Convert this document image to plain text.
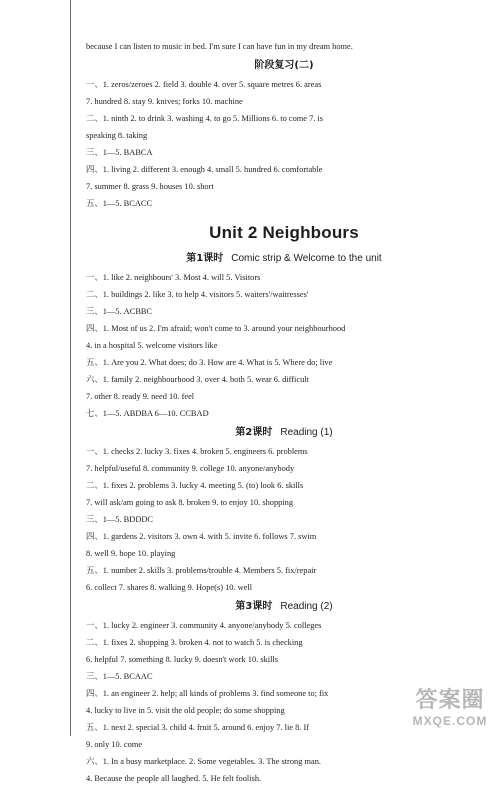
because I can listen to music in bed. I'm sure I can have fun in my dream home.
阶段复习(二)
一、1. zeros/zeroes 2. field 3. double 4. over 5. square metres 6. areas
7. hundred 8. stay 9. knives; forks 10. machine
二、1. ninth 2. to drink 3. washing 4. to go 5. Millions 6. to come 7. is
speaking 8. taking
三、1—5. BABCA
四、1. living 2. different 3. enough 4. small 5. hundred 6. comfortable
7. summer 8. grass 9. houses 10. short
五、1—5. BCACC
Unit 2 Neighbours
第1课时 Comic strip & Welcome to the unit
一、1. like 2. neighbours' 3. Most 4. will 5. Visitors
二、1. buildings 2. like 3. to help 4. visitors 5. waiters'/waitresses'
三、1—5. ACBBC
四、1. Most of us 2. I'm afraid; won't come to 3. around your neighbourhood
4. in a hospital 5. welcome visitors like
五、1. Are you 2. What does; do 3. How are 4. What is 5. Where do; live
六、1. family 2. neighbourhood 3. over 4. both 5. wear 6. difficult
7. other 8. ready 9. need 10. feel
七、1—5. ABDBA 6—10. CCBAD
第2课时 Reading (1)
一、1. checks 2. lucky 3. fixes 4. broken 5. engineers 6. problems
7. helpful/useful 8. community 9. college 10. anyone/anybody
二、1. fixes 2. problems 3. lucky 4. meeting 5. (to) look 6. skills
7. will ask/am going to ask 8. broken 9. to enjoy 10. shopping
三、1—5. BDDDC
四、1. gardens 2. visitors 3. own 4. with 5. invite 6. follows 7. swim
8. well 9. hope 10. playing
五、1. number 2. skills 3. problems/trouble 4. Members 5. fix/repair
6. collect 7. shares 8. walking 9. Hope(s) 10. well
第3课时 Reading (2)
一、1. lucky 2. engineer 3. community 4. anyone/anybody 5. colleges
二、1. fixes 2. shopping 3. broken 4. not to watch 5. is checking
6. helpful 7. something 8. lucky 9. doesn't work 10. skills
三、1—5. BCAAC
四、1. an engineer 2. help; all kinds of problems 3. find someone to; fix
4. lucky to live in 5. visit the old people; do some shopping
五、1. next 2. special 3. child 4. fruit 5. around 6. enjoy 7. lie 8. If
9. only 10. come
六、1. In a busy marketplace. 2. Some vegetables. 3. The strong man.
4. Because the people all laughed. 5. He felt foolish.
答案圈
MXQE.COM
